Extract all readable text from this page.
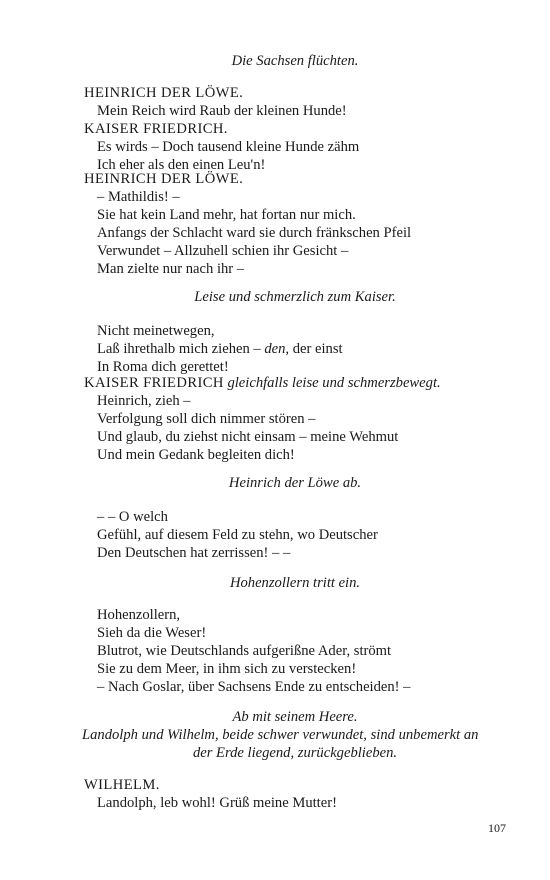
Die Sachsen flüchten.
HEINRICH DER LÖWE.
Mein Reich wird Raub der kleinen Hunde!
KAISER FRIEDRICH.
Es wirds – Doch tausend kleine Hunde zähm
Ich eher als den einen Leu'n!
HEINRICH DER LÖWE.
– Mathildis! –
Sie hat kein Land mehr, hat fortan nur mich.
Anfangs der Schlacht ward sie durch fränkschen Pfeil
Verwundet – Allzuhell schien ihr Gesicht –
Man zielte nur nach ihr –
Leise und schmerzlich zum Kaiser.
Nicht meinetwegen,
Laß ihrethalb mich ziehen – den, der einst
In Roma dich gerettet!
KAISER FRIEDRICH gleichfalls leise und schmerzbewegt.
Heinrich, zieh –
Verfolgung soll dich nimmer stören –
Und glaub, du ziehst nicht einsam – meine Wehmut
Und mein Gedank begleiten dich!
Heinrich der Löwe ab.
– – O welch
Gefühl, auf diesem Feld zu stehn, wo Deutscher
Den Deutschen hat zerrissen! – –
Hohenzollern tritt ein.
Hohenzollern,
Sieh da die Weser!
Blutrot, wie Deutschlands aufgerißne Ader, strömt
Sie zu dem Meer, in ihm sich zu verstecken!
– Nach Goslar, über Sachsens Ende zu entscheiden! –
Ab mit seinem Heere.
Landolph und Wilhelm, beide schwer verwundet, sind unbemerkt an
der Erde liegend, zurückgeblieben.
WILHELM.
Landolph, leb wohl! Grüß meine Mutter!
107
